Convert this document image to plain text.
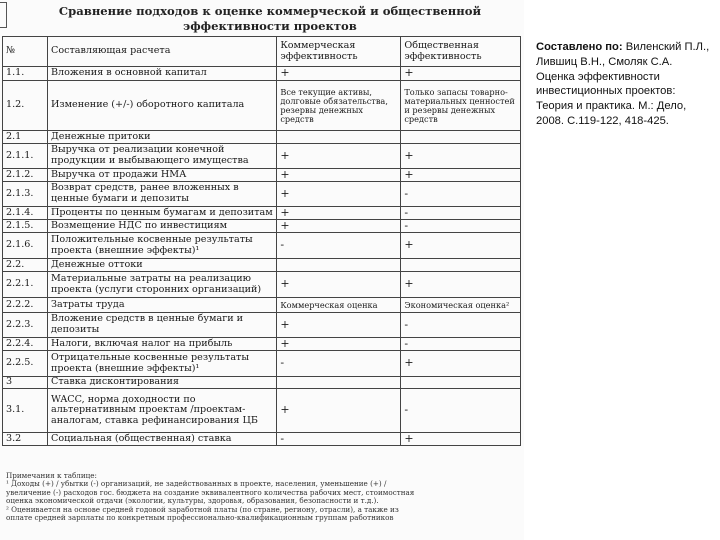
Сравнение подходов к оценке коммерческой и общественной
эффективности проектов
№	Составляющая расчета	Коммерческая эффективность	Общественная эффективность
1.1.	Вложения в основной капитал	+	+
1.2.	Изменение (+/-) оборотного капитала	Все текущие активы, долговые обязательства, резервы денежных средств	Только запасы товарно-материальных ценностей и резервы денежных средств
2.1	Денежные притоки		
2.1.1.	Выручка от реализации конечной продукции и выбывающего имущества	+	+
2.1.2.	Выручка от продажи НМА	+	+
2.1.3.	Возврат средств, ранее вложенных в ценные бумаги и депозиты	+	-
2.1.4.	Проценты по ценным бумагам и депозитам	+	-
2.1.5.	Возмещение НДС по инвестициям	+	-
2.1.6.	Положительные косвенные результаты проекта (внешние эффекты)¹	-	+
2.2.	Денежные оттоки		
2.2.1.	Материальные затраты на реализацию проекта (услуги сторонних организаций)	+	+
2.2.2.	Затраты труда	Коммерческая оценка	Экономическая оценка²
2.2.3.	Вложение средств в ценные бумаги и депозиты	+	-
2.2.4.	Налоги, включая налог на прибыль	+	-
2.2.5.	Отрицательные косвенные результаты проекта (внешние эффекты)¹	-	+
3	Ставка дисконтирования		
3.1.	WACC, норма доходности по альтернативным проектам /проектам-аналогам, ставка рефинансирования ЦБ	+	-
3.2	Социальная (общественная) ставка	-	+
Примечания к таблице:
¹ Доходы (+) / убытки (-) организаций, не задействованных в проекте, населения, уменьшение (+) /
увеличение (-) расходов гос. бюджета на создание эквивалентного количества рабочих мест, стоимостная
оценка экономической отдачи (экологии, культуры, здоровья, образования, безопасности и т.д.).
² Оценивается на основе средней годовой заработной платы (по стране, региону, отрасли), а также из
оплате средней зарплаты по конкретным профессионально-квалификационным группам работников
Составлено по: Виленский П.Л., Лившиц В.Н., Смоляк С.А. Оценка эффективности инвестиционных проектов: Теория и практика. М.: Дело, 2008. С.119-122, 418-425.
